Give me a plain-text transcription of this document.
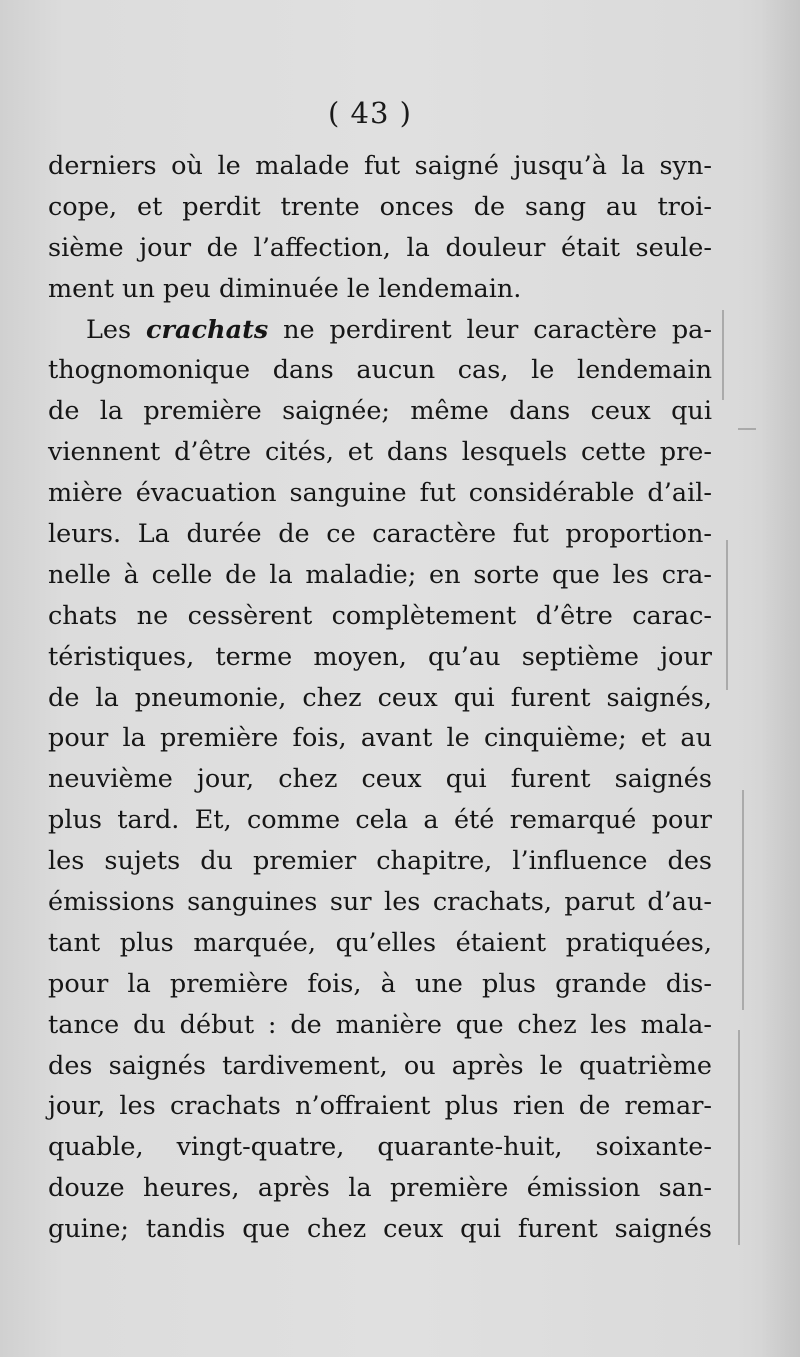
( 43 )
derniers où le malade fut saigné jusqu’à la syn-
cope, et perdit trente onces de sang au troi-
sième jour de l’affection, la douleur était seule-
ment un peu diminuée le lendemain.
Les crachats ne perdirent leur caractère pa-
thognomonique dans aucun cas, le lendemain
de la première saignée; même dans ceux qui
viennent d’être cités, et dans lesquels cette pre-
mière évacuation sanguine fut considérable d’ail-
leurs. La durée de ce caractère fut proportion-
nelle à celle de la maladie; en sorte que les cra-
chats ne cessèrent complètement d’être carac-
téristiques, terme moyen, qu’au septième jour
de la pneumonie, chez ceux qui furent saignés,
pour la première fois, avant le cinquième; et au
neuvième jour, chez ceux qui furent saignés
plus tard. Et, comme cela a été remarqué pour
les sujets du premier chapitre, l’influence des
émissions sanguines sur les crachats, parut d’au-
tant plus marquée, qu’elles étaient pratiquées,
pour la première fois, à une plus grande dis-
tance du début : de manière que chez les mala-
des saignés tardivement, ou après le quatrième
jour, les crachats n’offraient plus rien de remar-
quable, vingt-quatre, quarante-huit, soixante-
douze heures, après la première émission san-
guine; tandis que chez ceux qui furent saignés
